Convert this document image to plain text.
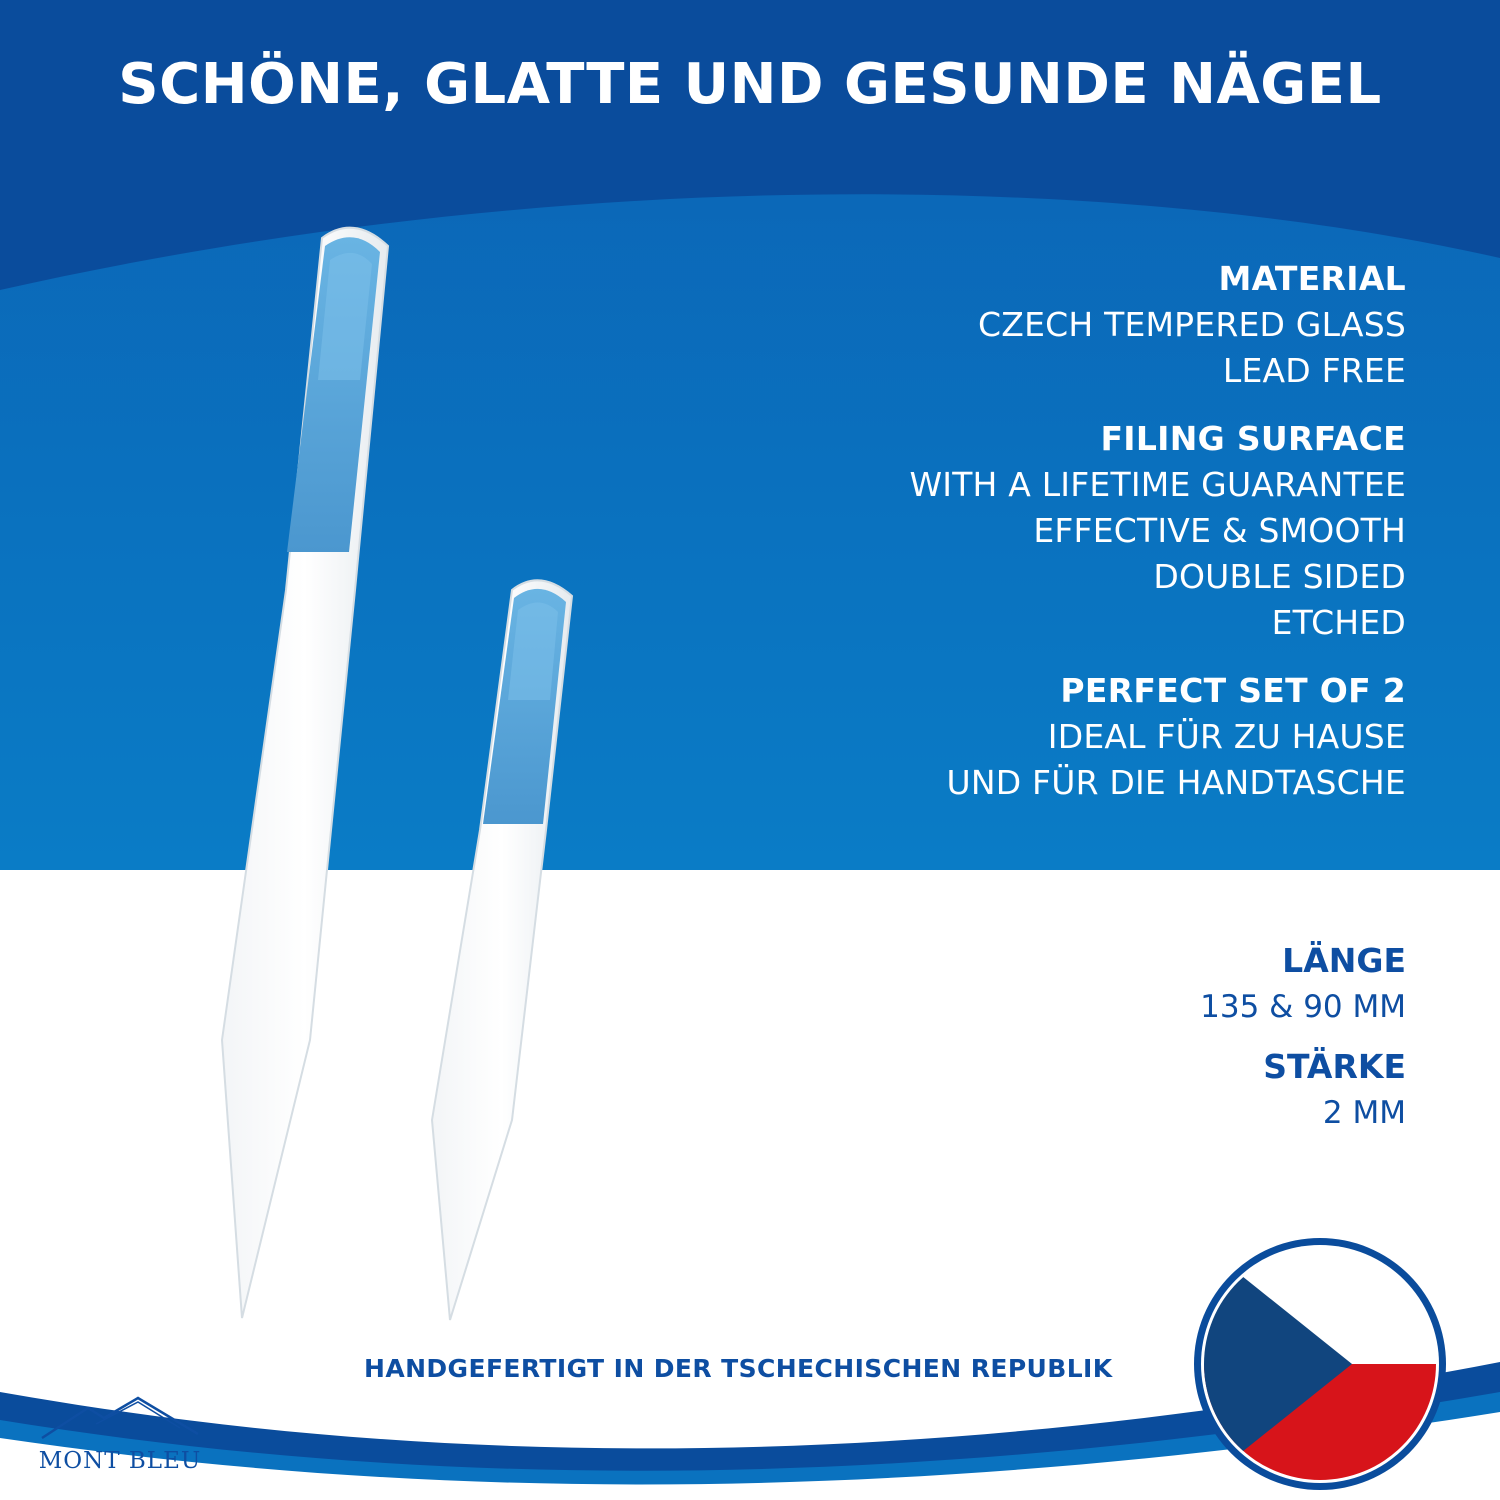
SCHÖNE, GLATTE UND GESUNDE NÄGEL
MATERIAL
CZECH TEMPERED GLASS
LEAD FREE
FILING SURFACE
WITH A LIFETIME GUARANTEE
EFFECTIVE & SMOOTH
DOUBLE SIDED
ETCHED
PERFECT SET OF 2
IDEAL FÜR ZU HAUSE
UND FÜR DIE HANDTASCHE
LÄNGE
135 & 90 MM
STÄRKE
2 MM
HANDGEFERTIGT IN DER TSCHECHISCHEN REPUBLIK
MONT BLEU
